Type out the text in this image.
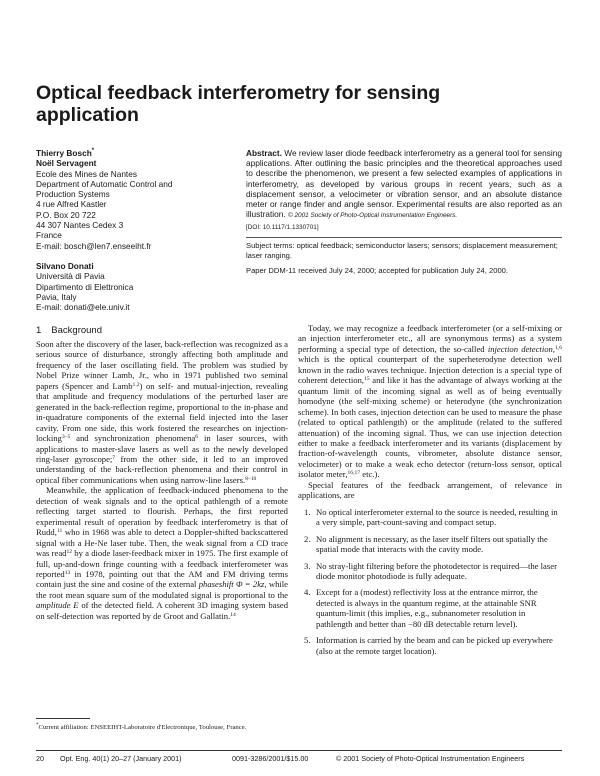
Optical feedback interferometry for sensing application
Thierry Bosch*
Noël Servagent
Ecole des Mines de Nantes
Department of Automatic Control and
Production Systems
4 rue Alfred Kastler
P.O. Box 20 722
44 307 Nantes Cedex 3
France
E-mail: bosch@len7.enseeiht.fr
Silvano Donati
Università di Pavia
Dipartimento di Elettronica
Pavia, Italy
E-mail: donati@ele.univ.it
Abstract. We review laser diode feedback interferometry as a general tool for sensing applications. After outlining the basic principles and the theoretical approaches used to describe the phenomenon, we present a few selected examples of applications in interferometry, as developed by various groups in recent years, such as a displacement sensor, a velocimeter or vibration sensor, and an absolute distance meter or range finder and angle sensor. Experimental results are also reported as an illustration. © 2001 Society of Photo-Optical Instrumentation Engineers.
[DOI: 10.1117/1.1330701]
Subject terms: optical feedback; semiconductor lasers; sensors; displacement measurement; laser ranging.
Paper DDM-11 received July 24, 2000; accepted for publication July 24, 2000.
1 Background

Soon after the discovery of the laser, back-reflection was recognized as a serious source of disturbance, strongly affecting both amplitude and frequency of the laser oscillating field. The problem was studied by Nobel Prize winner Lamb, Jr., who in 1971 published two seminal papers (Spencer and Lamb$^{1,2}$) on self- and mutual-injection, revealing that amplitude and frequency modulations of the perturbed laser are generated in the back-reflection regime, proportional to the in-phase and in-quadrature components of the external field injected into the laser cavity. From one side, this work fostered the researches on injection-locking$^{3-5}$ and synchronization phenomena$^6$ in laser sources, with applications to master-slave lasers as well as to the newly developed ring-laser gyroscope;$^7$ from the other side, it led to an improved understanding of the back-reflection phenomena and their control in optical fiber communications when using narrow-line lasers.$^{8-10}$

Meanwhile, the application of feedback-induced phenomena to the detection of weak signals and to the optical pathlength of a remote reflecting target started to flourish. Perhaps, the first reported experimental result of operation by feedback interferometry is that of Rudd,$^{11}$ who in 1968 was able to detect a Doppler-shifted backscattered signal with a He-Ne laser tube. Then, the weak signal from a CD trace was read$^{12}$ by a diode laser-feedback mixer in 1975. The first example of full, up-and-down fringe counting with a feedback interferometer was reported$^{13}$ in 1978, pointing out that the AM and FM driving terms contain just the sine and cosine of the external phaseshift Φ = 2kz, while the root mean square sum of the modulated signal is proportional to the amplitude E of the detected field. A coherent 3D imaging system based on self-detection was reported by de Groot and Gallatin.$^{14}$

Today, we may recognize a feedback interferometer (or a self-mixing or an injection interferometer etc., all are synonymous terms) as a system performing a special type of detection, the so-called injection detection,$^{1,6}$ which is the optical counterpart of the superheterodyne detection well known in the radio waves technique. Injection detection is a special type of coherent detection,$^{15}$ and like it has the advantage of always working at the quantum limit of the incoming signal as well as of being eventually homodyne (the self-mixing scheme) or heterodyne (the synchronization scheme). In both cases, injection detection can be used to measure the phase (related to optical pathlength) or the amplitude (related to the suffered attenuation) of the incoming signal. Thus, we can use injection detection either to make a feedback interferometer and its variants (displacement by fraction-of-wavelength counts, vibrometer, absolute distance sensor, velocimeter) or to make a weak echo detector (return-loss sensor, optical isolator meter,$^{16,17}$ etc.).

Special features of the feedback arrangement, of relevance in applications, are

1. No optical interferometer external to the source is needed, resulting in a very simple, part-count-saving and compact setup.
2. No alignment is necessary, as the laser itself filters out spatially the spatial mode that interacts with the cavity mode.
3. No stray-light filtering before the photodetector is required—the laser diode monitor photodiode is fully adequate.
4. Except for a (modest) reflectivity loss at the entrance mirror, the detected is always in the quantum regime, at the attainable SNR quantum-limit (this implies, e.g., subnanometer resolution in pathlength and better than −80 dB detectable return level).
5. Information is carried by the beam and can be picked up everywhere (also at the remote target location).
*Current affiliation: ENSEEIHT-Laboratoire d'Electronique, Toulouse, France.
20 Opt. Eng. 40(1) 20–27 (January 2001)	0091-3286/2001/$15.00	© 2001 Society of Photo-Optical Instrumentation Engineers
